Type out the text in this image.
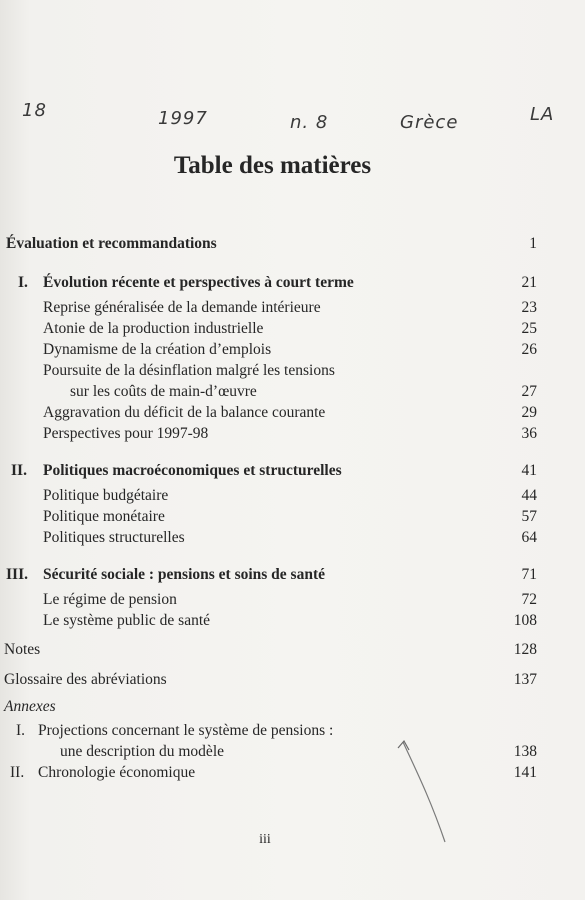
18	1997	n. 8	Grèce	LA
Table des matières
Évaluation et recommandations	1
I. Évolution récente et perspectives à court terme	21
Reprise généralisée de la demande intérieure	23
Atonie de la production industrielle	25
Dynamisme de la création d’emplois	26
Poursuite de la désinflation malgré les tensions
sur les coûts de main-d’œuvre	27
Aggravation du déficit de la balance courante	29
Perspectives pour 1997-98	36
II. Politiques macroéconomiques et structurelles	41
Politique budgétaire	44
Politique monétaire	57
Politiques structurelles	64
III. Sécurité sociale : pensions et soins de santé	71
Le régime de pension	72
Le système public de santé	108
Notes	128
Glossaire des abréviations	137
Annexes
I. Projections concernant le système de pensions :
une description du modèle	138
II. Chronologie économique	141
iii
